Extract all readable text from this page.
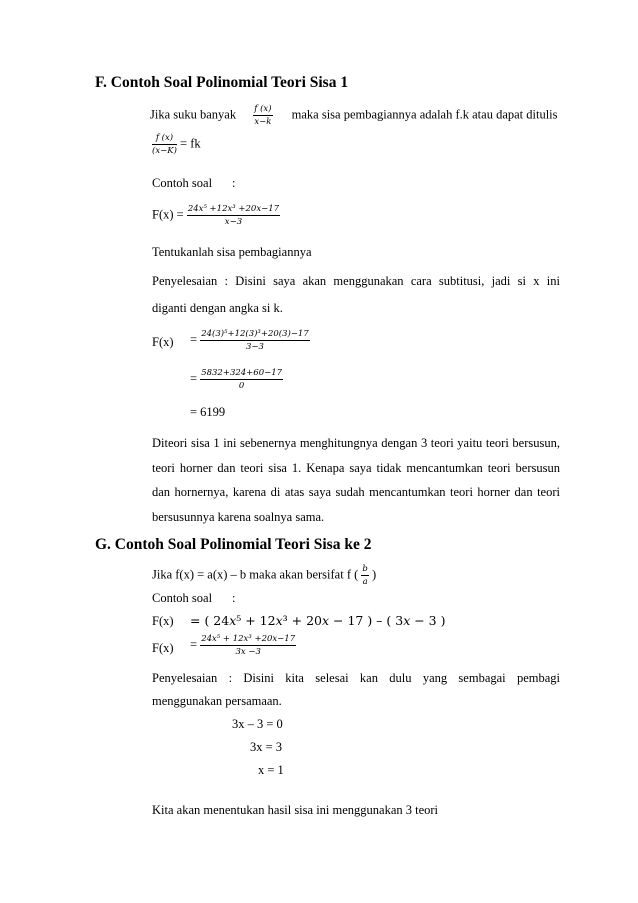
F. Contoh Soal Polinomial Teori Sisa 1
Jika suku banyak $\frac{\text{𝑓 (𝑥)}}{\text{𝑥−𝑘}}$ maka sisa pembagiannya adalah f.k atau dapat ditulis
$\frac{\text{𝑓 (𝑥)}}{\text{(𝑥−𝐾)}}$ = fk
Contoh soal :
$F(x) = \frac{\text{24𝑥⁵ +12𝑥³ +20𝑥−17}}{\text{𝑥−3}}$
Tentukanlah sisa pembagiannya
Penyelesaian : Disini saya akan menggunakan cara subtitusi, jadi si x ini
diganti dengan angka si k.
$F(x) = \frac{\text{24(3)⁵+12(3)³+20(3)−17}}{3-3}$
= $\frac{5832+324+60-17}{0}$
= 6199
Diteori sisa 1 ini sebenernya menghitungnya dengan 3 teori yaitu teori bersusun,
teori horner dan teori sisa 1. Kenapa saya tidak mencantumkan teori bersusun
dan hornernya, karena di atas saya sudah mencantumkan teori horner dan teori
bersusunnya karena soalnya sama.
G. Contoh Soal Polinomial Teori Sisa ke 2
Jika f(x) = a(x) – b maka akan bersifat f ( $\frac{\text{𝑏}}{\text{𝑎}}$ )
Contoh soal :
F(x) = ( 24𝑥⁵ + 12𝑥³ + 20𝑥 − 17 ) – ( 3𝑥 − 3 )
$F(x) = \frac{\text{24𝑥⁵ + 12𝑥³ +20𝑥−17}}{\text{3𝑥 −3}}$
Penyelesaian : Disini kita selesai kan dulu yang sembagai pembagi
menggunakan persamaan.
3x – 3 = 0
3x = 3
x = 1
Kita akan menentukan hasil sisa ini menggunakan 3 teori
